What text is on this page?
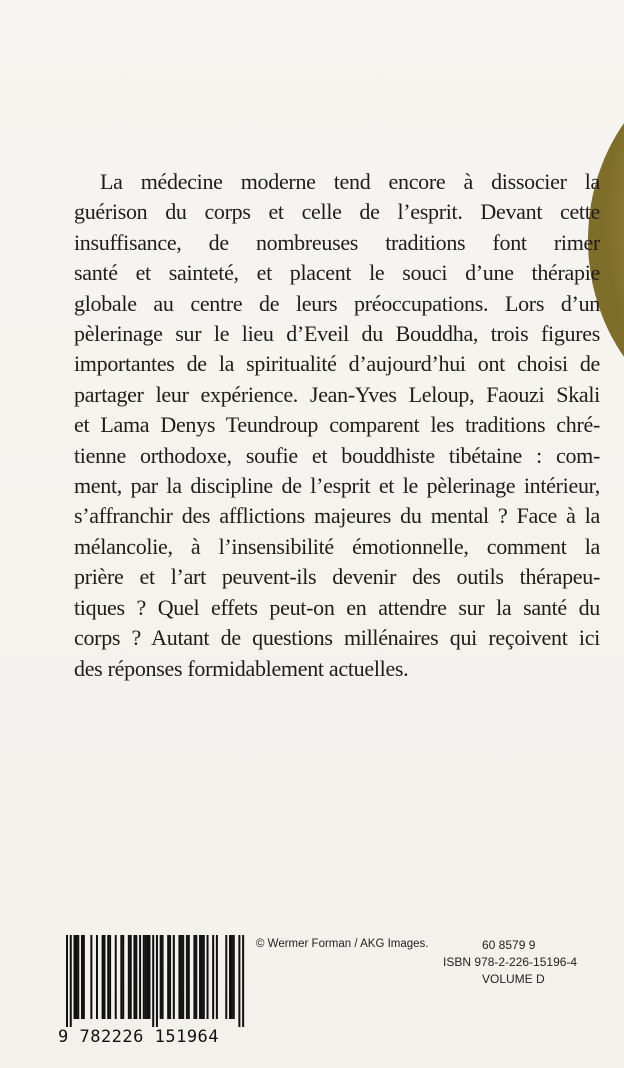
La médecine moderne tend encore à dissocier la
guérison du corps et celle de l’esprit. Devant cette
insuffisance, de nombreuses traditions font rimer
santé et sainteté, et placent le souci d’une thérapie
globale au centre de leurs préoccupations. Lors d’un
pèlerinage sur le lieu d’Eveil du Bouddha, trois figures
importantes de la spiritualité d’aujourd’hui ont choisi de
partager leur expérience. Jean-Yves Leloup, Faouzi Skali
et Lama Denys Teundroup comparent les traditions chré-
tienne orthodoxe, soufie et bouddhiste tibétaine : com-
ment, par la discipline de l’esprit et le pèlerinage intérieur,
s’affranchir des afflictions majeures du mental ? Face à la
mélancolie, à l’insensibilité émotionnelle, comment la
prière et l’art peuvent-ils devenir des outils thérapeu-
tiques ? Quel effets peut-on en attendre sur la santé du
corps ? Autant de questions millénaires qui reçoivent ici
des réponses formidablement actuelles.

9 782226 151964
© Wermer Forman / AKG Images.	60 8579 9
ISBN 978-2-226-15196-4
VOLUME D
